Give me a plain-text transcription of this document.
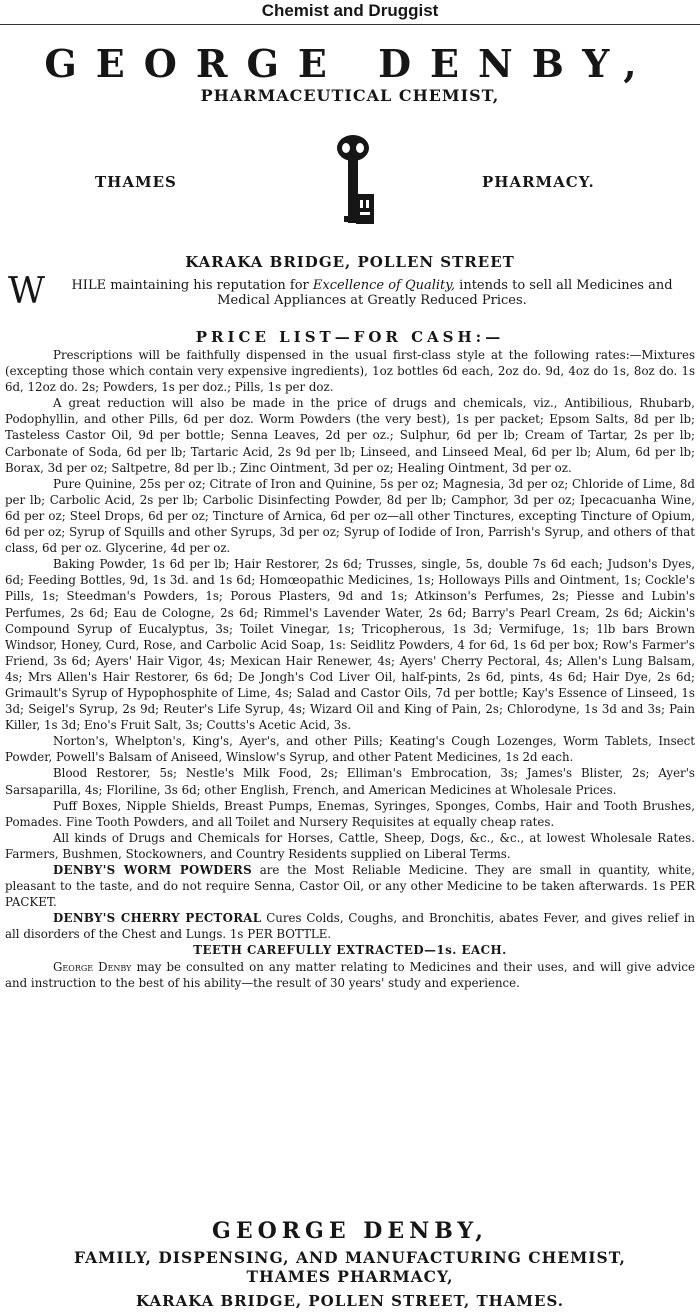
Chemist and Druggist
GEORGE DENBY,
PHARMACEUTICAL CHEMIST,
THAMES	PHARMACY.
KARAKA BRIDGE, POLLEN STREET
W	HILE maintaining his reputation for Excellence of Quality, intends to sell all Medicines and Medical Appliances at Greatly Reduced Prices.
PRICE LIST—FOR CASH:—

Prescriptions will be faithfully dispensed in the usual first-class style at the following rates:—Mixtures (excepting those which contain very expensive ingredients), 1oz bottles 6d each, 2oz do. 9d, 4oz do 1s, 8oz do. 1s 6d, 12oz do. 2s; Powders, 1s per doz.; Pills, 1s per doz.

A great reduction will also be made in the price of drugs and chemicals, viz., Antibilious, Rhubarb, Podophyllin, and other Pills, 6d per doz. Worm Powders (the very best), 1s per packet; Epsom Salts, 8d per lb; Tasteless Castor Oil, 9d per bottle; Senna Leaves, 2d per oz.; Sulphur, 6d per lb; Cream of Tartar, 2s per lb; Carbonate of Soda, 6d per lb; Tartaric Acid, 2s 9d per lb; Linseed, and Linseed Meal, 6d per lb; Alum, 6d per lb; Borax, 3d per oz; Saltpetre, 8d per lb.; Zinc Ointment, 3d per oz; Healing Ointment, 3d per oz.

Pure Quinine, 25s per oz; Citrate of Iron and Quinine, 5s per oz; Magnesia, 3d per oz; Chloride of Lime, 8d per lb; Carbolic Acid, 2s per lb; Carbolic Disinfecting Powder, 8d per lb; Camphor, 3d per oz; Ipecacuanha Wine, 6d per oz; Steel Drops, 6d per oz; Tincture of Arnica, 6d per oz—all other Tinctures, excepting Tincture of Opium, 6d per oz; Syrup of Squills and other Syrups, 3d per oz; Syrup of Iodide of Iron, Parrish's Syrup, and others of that class, 6d per oz. Glycerine, 4d per oz.

Baking Powder, 1s 6d per lb; Hair Restorer, 2s 6d; Trusses, single, 5s, double 7s 6d each; Judson's Dyes, 6d; Feeding Bottles, 9d, 1s 3d. and 1s 6d; Homœopathic Medicines, 1s; Holloways Pills and Ointment, 1s; Cockle's Pills, 1s; Steedman's Powders, 1s; Porous Plasters, 9d and 1s; Atkinson's Perfumes, 2s; Piesse and Lubin's Perfumes, 2s 6d; Eau de Cologne, 2s 6d; Rimmel's Lavender Water, 2s 6d; Barry's Pearl Cream, 2s 6d; Aickin's Compound Syrup of Eucalyptus, 3s; Toilet Vinegar, 1s; Tricopherous, 1s 3d; Vermifuge, 1s; 1lb bars Brown Windsor, Honey, Curd, Rose, and Carbolic Acid Soap, 1s: Seidlitz Powders, 4 for 6d, 1s 6d per box; Row's Farmer's Friend, 3s 6d; Ayers' Hair Vigor, 4s; Mexican Hair Renewer, 4s; Ayers' Cherry Pectoral, 4s; Allen's Lung Balsam, 4s; Mrs Allen's Hair Restorer, 6s 6d; De Jongh's Cod Liver Oil, half-pints, 2s 6d, pints, 4s 6d; Hair Dye, 2s 6d; Grimault's Syrup of Hypophosphite of Lime, 4s; Salad and Castor Oils, 7d per bottle; Kay's Essence of Linseed, 1s 3d; Seigel's Syrup, 2s 9d; Reuter's Life Syrup, 4s; Wizard Oil and King of Pain, 2s; Chlorodyne, 1s 3d and 3s; Pain Killer, 1s 3d; Eno's Fruit Salt, 3s; Coutts's Acetic Acid, 3s.

Norton's, Whelpton's, King's, Ayer's, and other Pills; Keating's Cough Lozenges, Worm Tablets, Insect Powder, Powell's Balsam of Aniseed, Winslow's Syrup, and other Patent Medicines, 1s 2d each.

Blood Restorer, 5s; Nestle's Milk Food, 2s; Elliman's Embrocation, 3s; James's Blister, 2s; Ayer's Sarsaparilla, 4s; Floriline, 3s 6d; other English, French, and American Medicines at Wholesale Prices.

Puff Boxes, Nipple Shields, Breast Pumps, Enemas, Syringes, Sponges, Combs, Hair and Tooth Brushes, Pomades. Fine Tooth Powders, and all Toilet and Nursery Requisites at equally cheap rates.

All kinds of Drugs and Chemicals for Horses, Cattle, Sheep, Dogs, &c., &c., at lowest Wholesale Rates. Farmers, Bushmen, Stockowners, and Country Residents supplied on Liberal Terms.

DENBY'S WORM POWDERS are the Most Reliable Medicine. They are small in quantity, white, pleasant to the taste, and do not require Senna, Castor Oil, or any other Medicine to be taken afterwards. 1s PER PACKET.

DENBY'S CHERRY PECTORAL Cures Colds, Coughs, and Bronchitis, abates Fever, and gives relief in all disorders of the Chest and Lungs. 1s PER BOTTLE.

TEETH CAREFULLY EXTRACTED—1s. EACH.

George Denby may be consulted on any matter relating to Medicines and their uses, and will give advice and instruction to the best of his ability—the result of 30 years' study and experience.

GEORGE DENBY,
FAMILY, DISPENSING, AND MANUFACTURING CHEMIST,
THAMES PHARMACY,
KARAKA BRIDGE, POLLEN STREET, THAMES.
